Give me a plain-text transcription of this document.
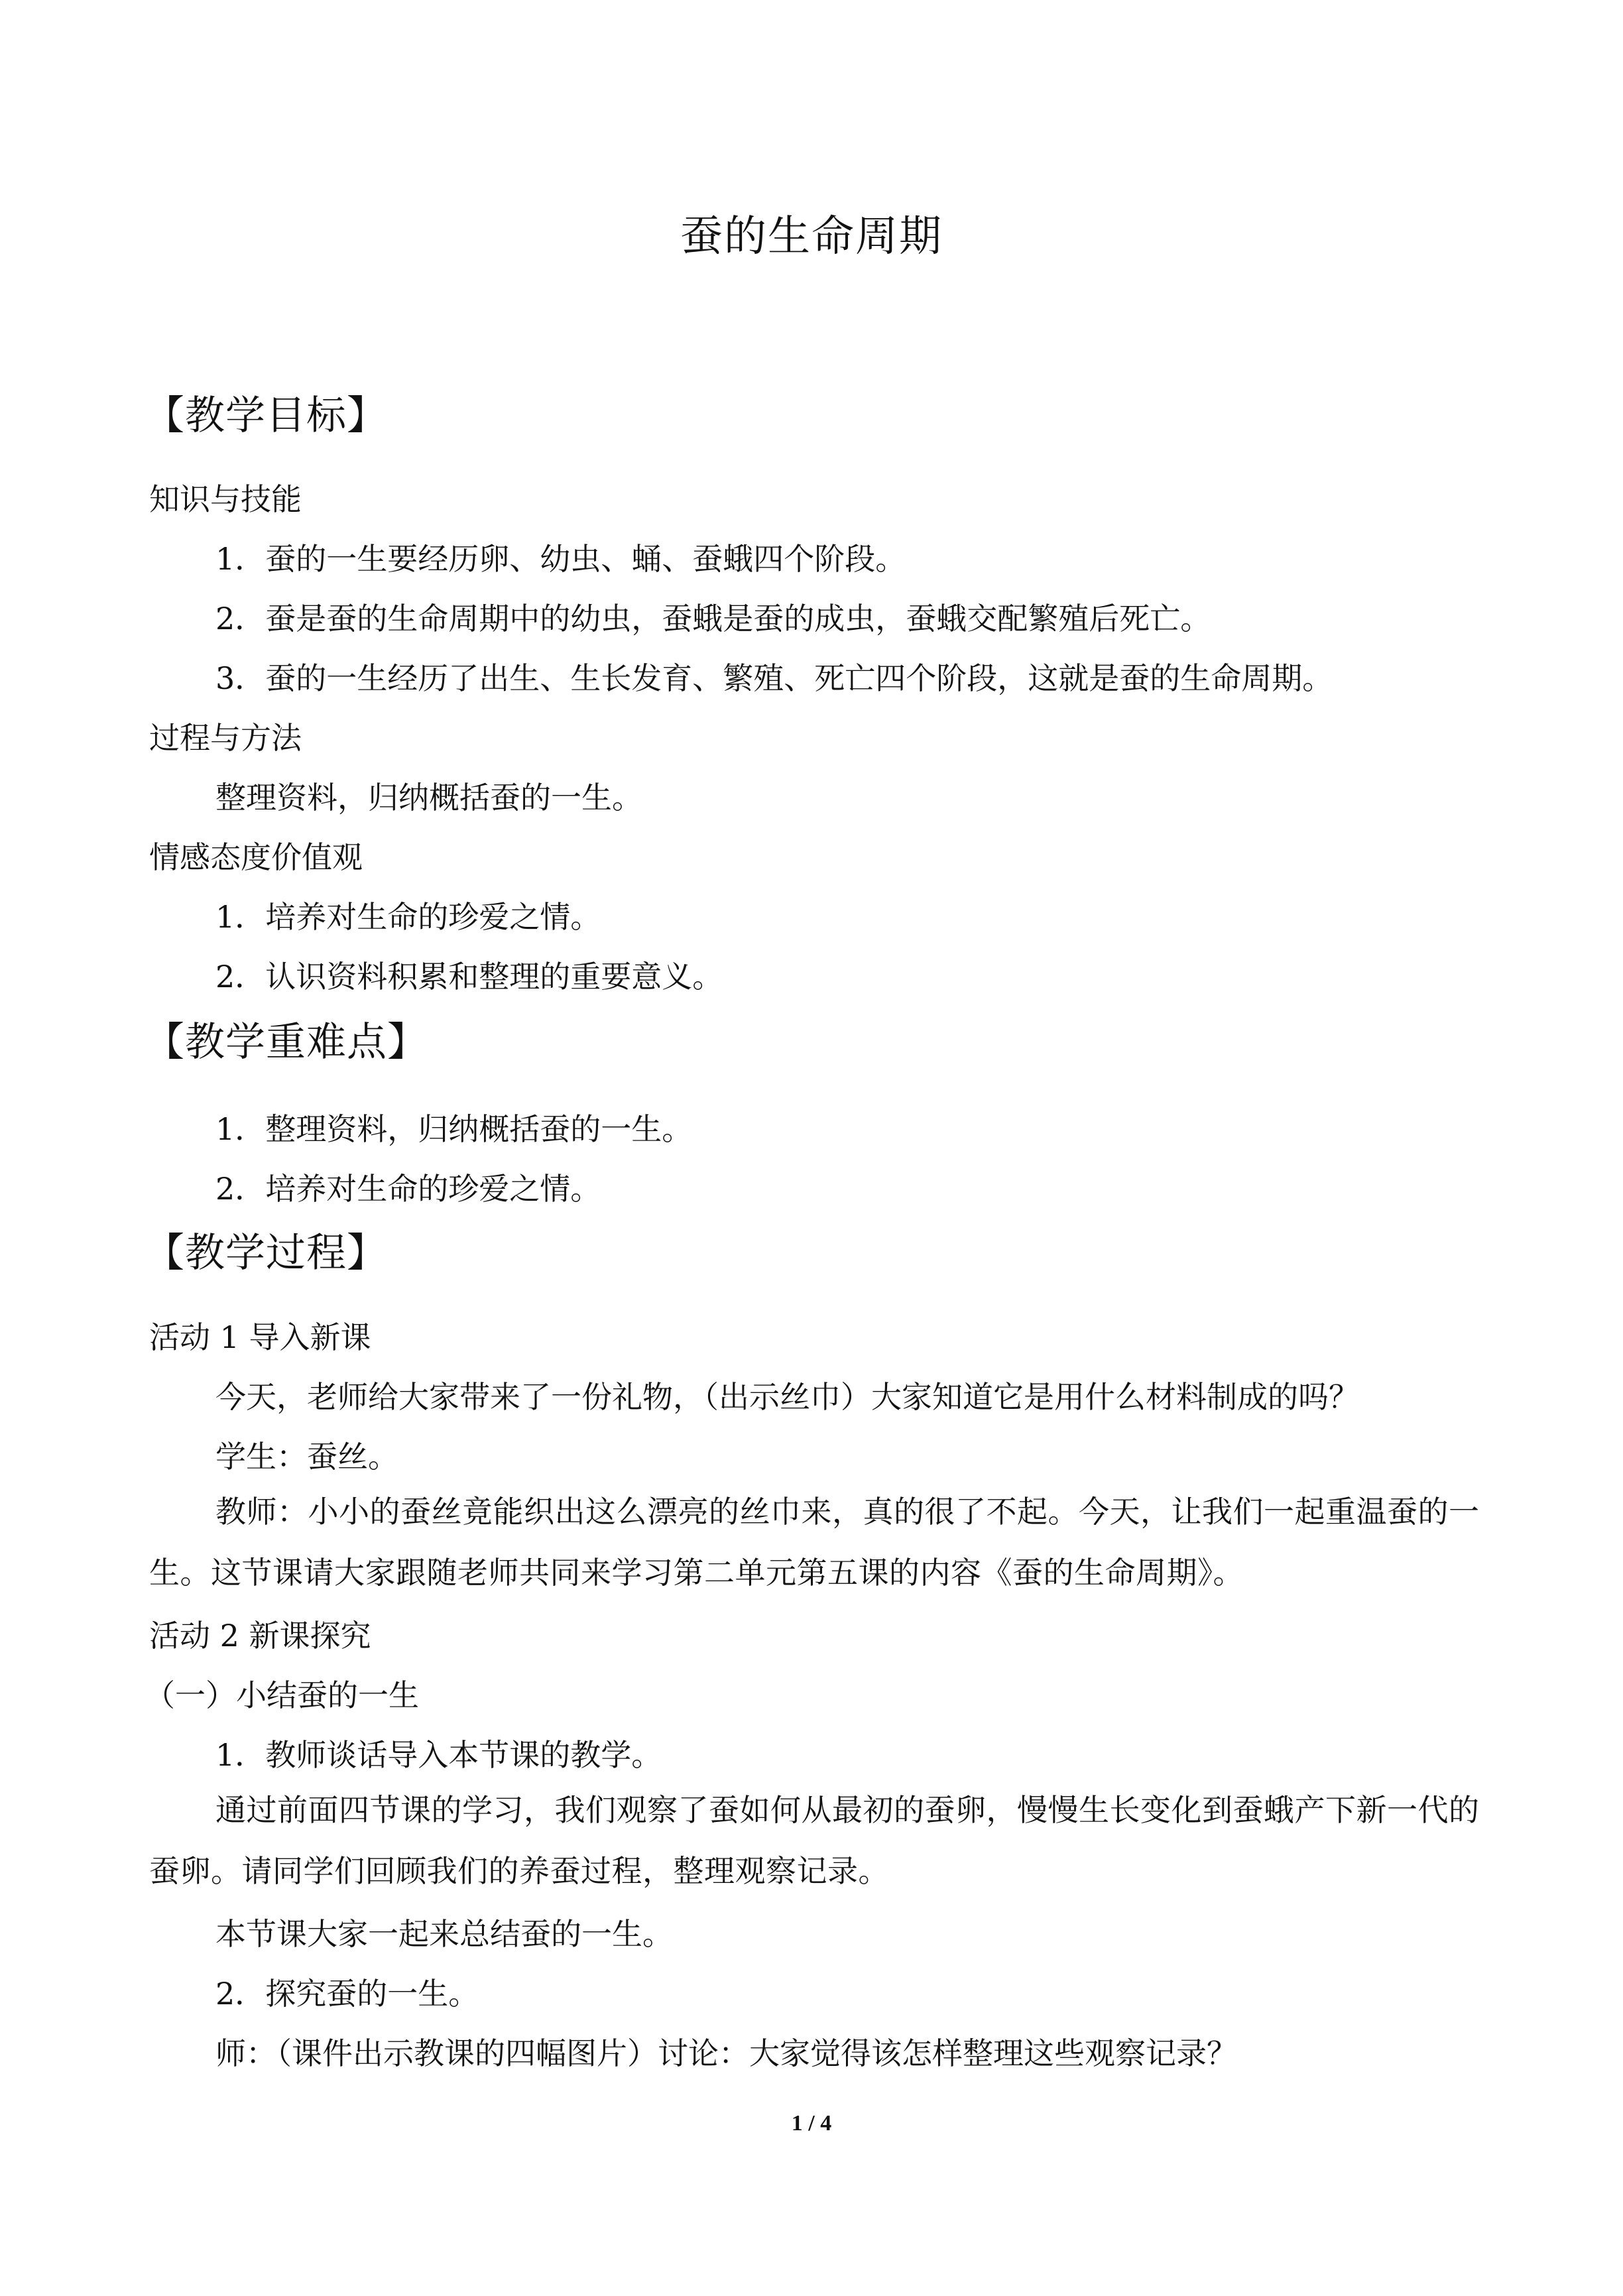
蚕的生命周期
【教学目标】
知识与技能
1．蚕的一生要经历卵、幼虫、蛹、蚕蛾四个阶段。
2．蚕是蚕的生命周期中的幼虫，蚕蛾是蚕的成虫，蚕蛾交配繁殖后死亡。
3．蚕的一生经历了出生、生长发育、繁殖、死亡四个阶段，这就是蚕的生命周期。
过程与方法
整理资料，归纳概括蚕的一生。
情感态度价值观
1．培养对生命的珍爱之情。
2．认识资料积累和整理的重要意义。
【教学重难点】
1．整理资料，归纳概括蚕的一生。
2．培养对生命的珍爱之情。
【教学过程】
活动 1 导入新课
今天，老师给大家带来了一份礼物，（出示丝巾）大家知道它是用什么材料制成的吗？
学生：蚕丝。
教师：小小的蚕丝竟能织出这么漂亮的丝巾来，真的很了不起。今天，让我们一起重温蚕的一生。这节课请大家跟随老师共同来学习第二单元第五课的内容《蚕的生命周期》。
活动 2 新课探究
（一）小结蚕的一生
1．教师谈话导入本节课的教学。
通过前面四节课的学习，我们观察了蚕如何从最初的蚕卵，慢慢生长变化到蚕蛾产下新一代的蚕卵。请同学们回顾我们的养蚕过程，整理观察记录。
本节课大家一起来总结蚕的一生。
2．探究蚕的一生。
师：（课件出示教课的四幅图片）讨论：大家觉得该怎样整理这些观察记录？
1 / 4
